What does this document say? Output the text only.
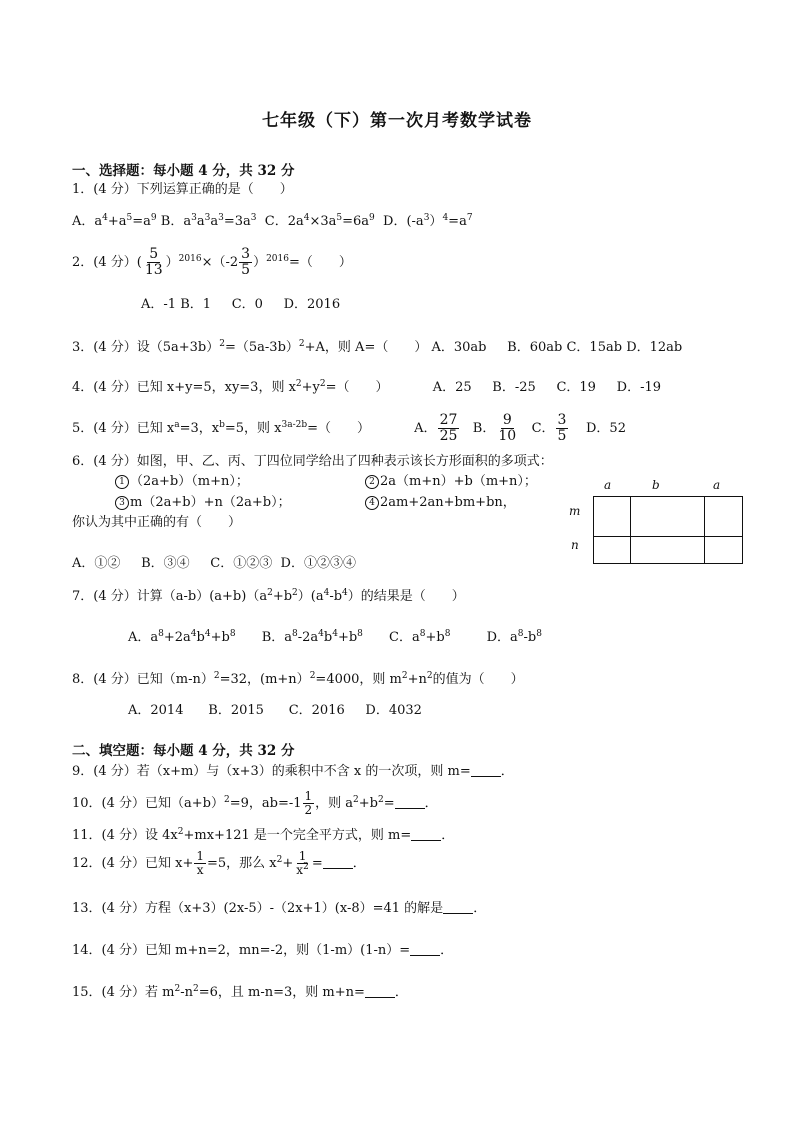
七年级（下）第一次月考数学试卷
一、选择题：每小题 4 分，共 32 分
1．(4 分）下列运算正确的是（　　）
A．$a^4+a^5=a^9$ B．$a^3a^3a^3=3a^3$ C．$2a^4\times 3a^5=6a^9$ D．$(-a^3)^4=a^7$
2．(4 分）( $\frac{5}{13} )^{2016}\times(-2 \frac{3}{5} )^{2016}=$（　　）
A．-1 B．1 C．0 D．2016
3．(4 分）设$(5a+3b)^2=(5a-3b)^2+A$，则 A=（　　） A．30ab B．60ab C．15ab D．12ab
4．(4 分）已知 x+y=5，xy=3，则 $x^2+y^2=$（　　）	A．25 B．-25 C．19 D．-19
5．(4 分）已知 $x^a=3$，$x^b=5$，则 $x^{3a-2b}=$（　　）	A． $\frac{27}{25}$ B． $\frac{9}{10}$ C． $\frac{3}{5}$ D．52
6．(4 分）如图，甲、乙、丙、丁四位同学给出了四种表示该长方形面积的多项式：
1 （2a+b）（m+n）；	2 2a（m+n）+b（m+n）；
3 m（2a+b）+n（2a+b）；	4 2am+2an+bm+bn，
你认为其中正确的有（　　）
A．①② B．③④ C．①②③ D．①②③④
a	b	a
m
n
7．(4 分）计算$(a-b)(a+b)(a^2+b^2)(a^4-b^4)$的结果是（　　）
A．$a^8+2a^4b^4+b^8$ B．$a^8-2a^4b^4+b^8$ C．$a^8+b^8$	D．$a^8-b^8$
8．(4 分）已知$(m-n)^2=32$，(m+n）$^2$=4000，则 $m^2+n^2$的值为（　　）
A．2014 B．2015 C．2016 D．4032
二、填空题：每小题 4 分，共 32 分
9．(4 分）若（x+m）与（x+3）的乘积中不含 x 的一次项，则 m= ．
10．(4 分）已知$(a+b)^2=9$，$ab=-1 \frac{1}{2}$ ，则 $a^2+b^2=$ ．
11．(4 分）设 $4x^2+mx+121$ 是一个完全平方式，则 m= ．
12．(4 分）已知 $x+ \frac{1}{x} =5$，那么 $x^2+ \frac{1}{x^2}$ = ．
13．(4 分）方程（x+3）(2x-5）-（2x+1）(x-8）=41 的解是 ．
14．(4 分）已知 m+n=2，mn=-2，则（1-m）(1-n）= ．
15．(4 分）若 $m^2-n^2=6$，且 m-n=3，则 m+n= ．
